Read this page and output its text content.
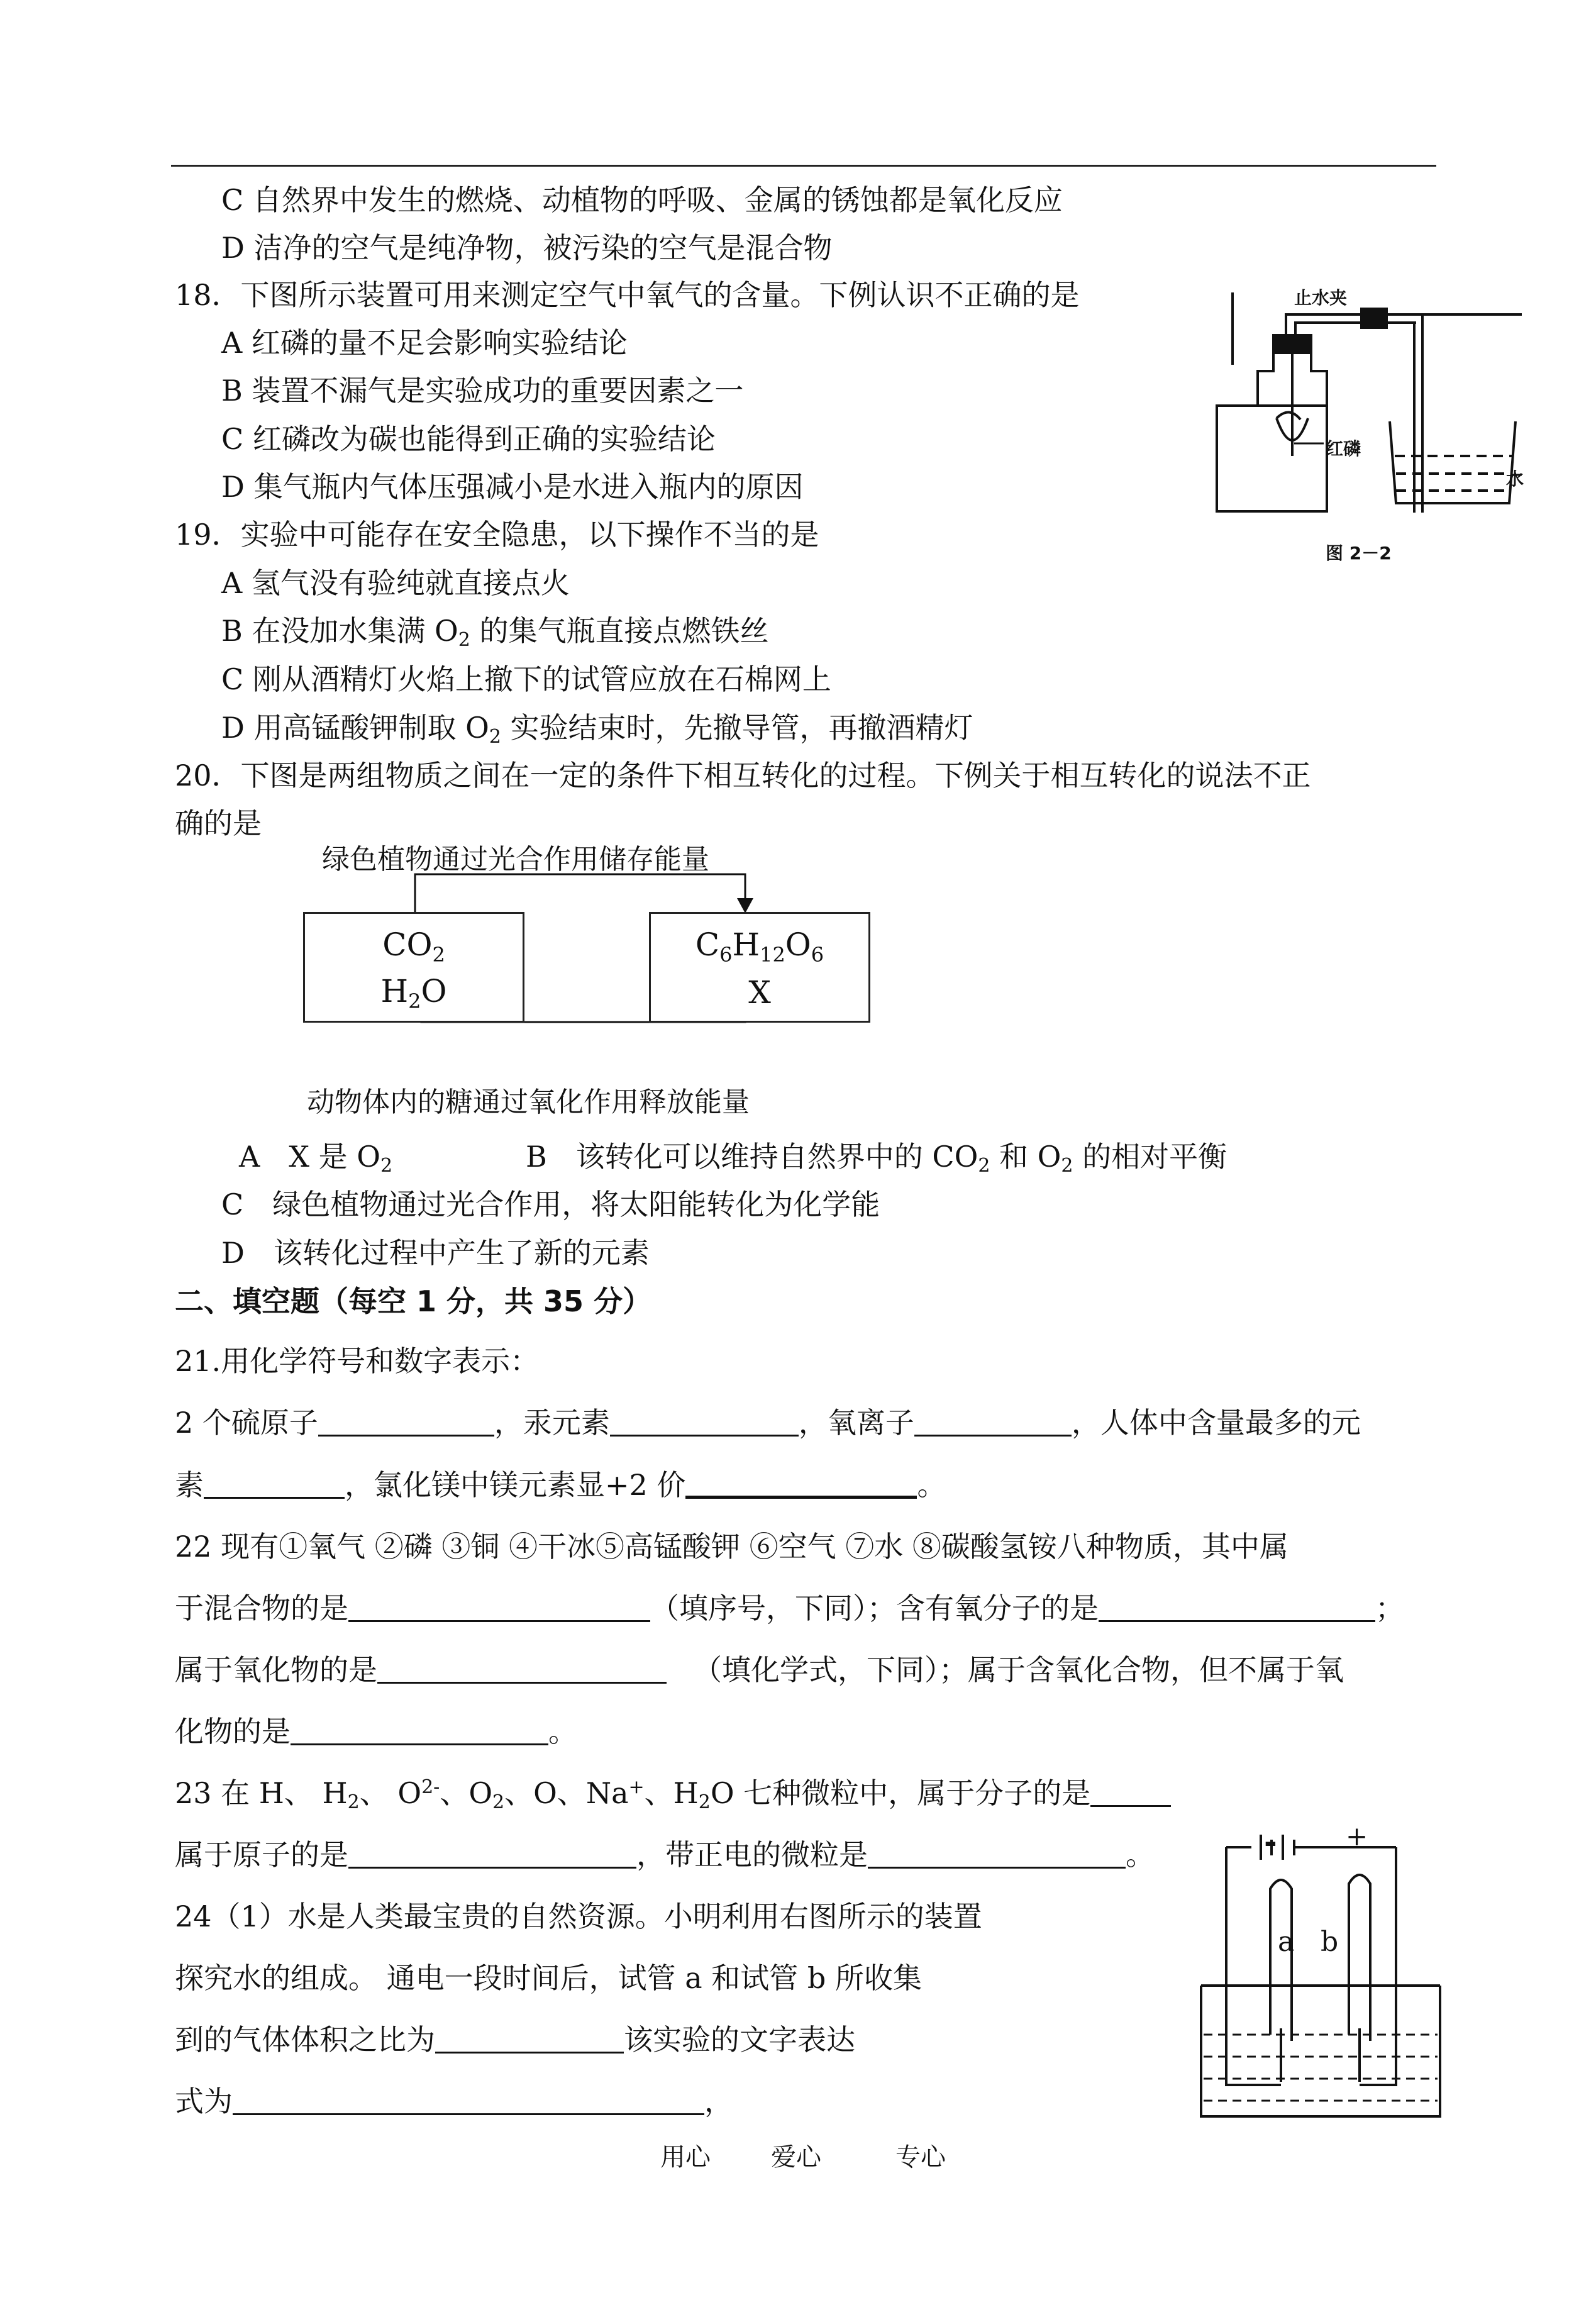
C 自然界中发生的燃烧、动植物的呼吸、金属的锈蚀都是氧化反应
D 洁净的空气是纯净物，被污染的空气是混合物
18．下图所示装置可用来测定空气中氧气的含量。下例认识不正确的是
A 红磷的量不足会影响实验结论
B 装置不漏气是实验成功的重要因素之一
C 红磷改为碳也能得到正确的实验结论
D 集气瓶内气体压强减小是水进入瓶内的原因
止水夹
红磷
水
图 2－2
19．实验中可能存在安全隐患，以下操作不当的是
A 氢气没有验纯就直接点火
B 在没加水集满 $O_2$ 的集气瓶直接点燃铁丝
C 刚从酒精灯火焰上撤下的试管应放在石棉网上
D 用高锰酸钾制取 $O_2$ 实验结束时，先撤导管，再撤酒精灯
20．下图是两组物质之间在一定的条件下相互转化的过程。下例关于相互转化的说法不正
确的是
绿色植物通过光合作用储存能量
$CO_2$
$H_2O$
$C_6H_{12}O_6$
X
动物体内的糖通过氧化作用释放能量
A　X 是 $O_2$	B　该转化可以维持自然界中的 $CO_2$ 和 $O_2$ 的相对平衡
C　绿色植物通过光合作用，将太阳能转化为化学能
D　该转化过程中产生了新的元素
二、填空题（每空 1 分，共 35 分）
21.用化学符号和数字表示：
2 个硫原子	，汞元素	，氧离子	，人体中含量最多的元
素	，氯化镁中镁元素显+2 价	。
22 现有①氧气 ②磷 ③铜 ④干冰⑤高锰酸钾 ⑥空气 ⑦水 ⑧碳酸氢铵八种物质，其中属
于混合物的是	（填序号，下同）；含有氧分子的是	；
属于氧化物的是	（填化学式，下同）；属于含氧化合物，但不属于氧
化物的是	。
23 在 H、 $H_2$、 $O^{2-}$、$O_2$、O、Na+、$H_2O$ 七种微粒中，属于分子的是
属于原子的是	，带正电的微粒是	。
24（1）水是人类最宝贵的自然资源。小明利用右图所示的装置
探究水的组成。 通电一段时间后，试管 a 和试管 b 所收集
到的气体体积之比为	该实验的文字表达
式为	，
a b
-	+
用心 爱心	专心
